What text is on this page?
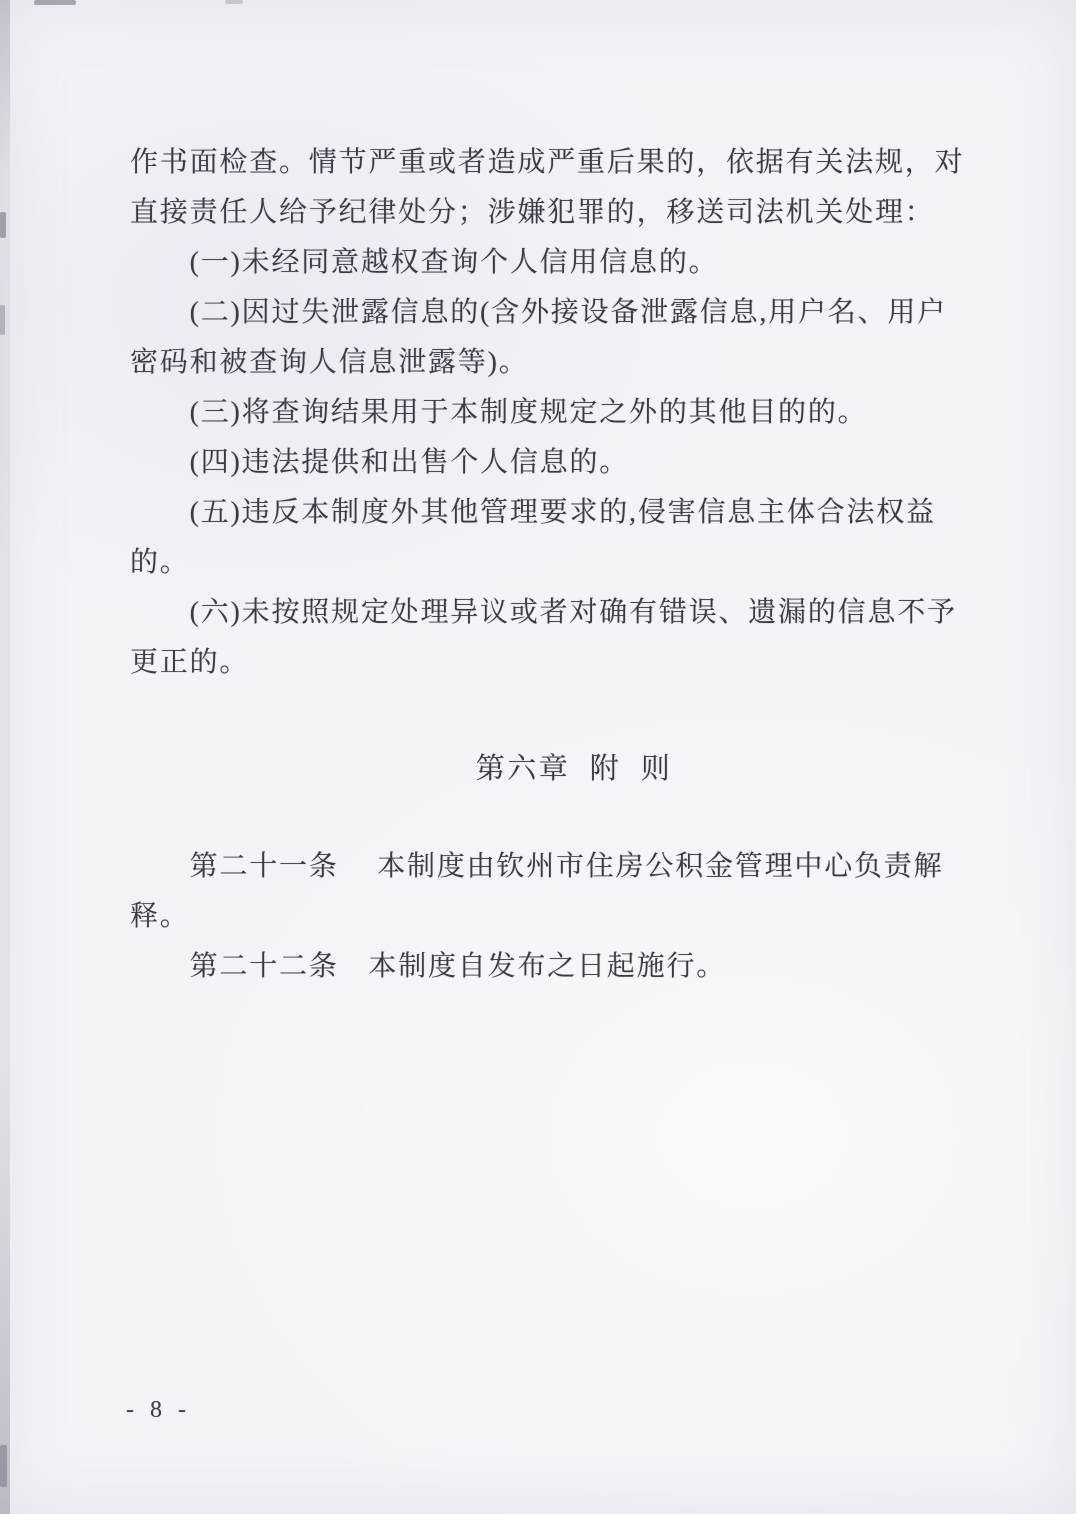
作书面检查。情节严重或者造成严重后果的，依据有关法规，对
直接责任人给予纪律处分；涉嫌犯罪的，移送司法机关处理：
　　(一)未经同意越权查询个人信用信息的。
　　(二)因过失泄露信息的(含外接设备泄露信息,用户名、用户
密码和被查询人信息泄露等)。
　　(三)将查询结果用于本制度规定之外的其他目的的。
　　(四)违法提供和出售个人信息的。
　　(五)违反本制度外其他管理要求的,侵害信息主体合法权益
的。
　　(六)未按照规定处理异议或者对确有错误、遗漏的信息不予
更正的。
第六章  附  则
　　第二十一条　 本制度由钦州市住房公积金管理中心负责解
释。
　　第二十二条　本制度自发布之日起施行。
- 8 -
